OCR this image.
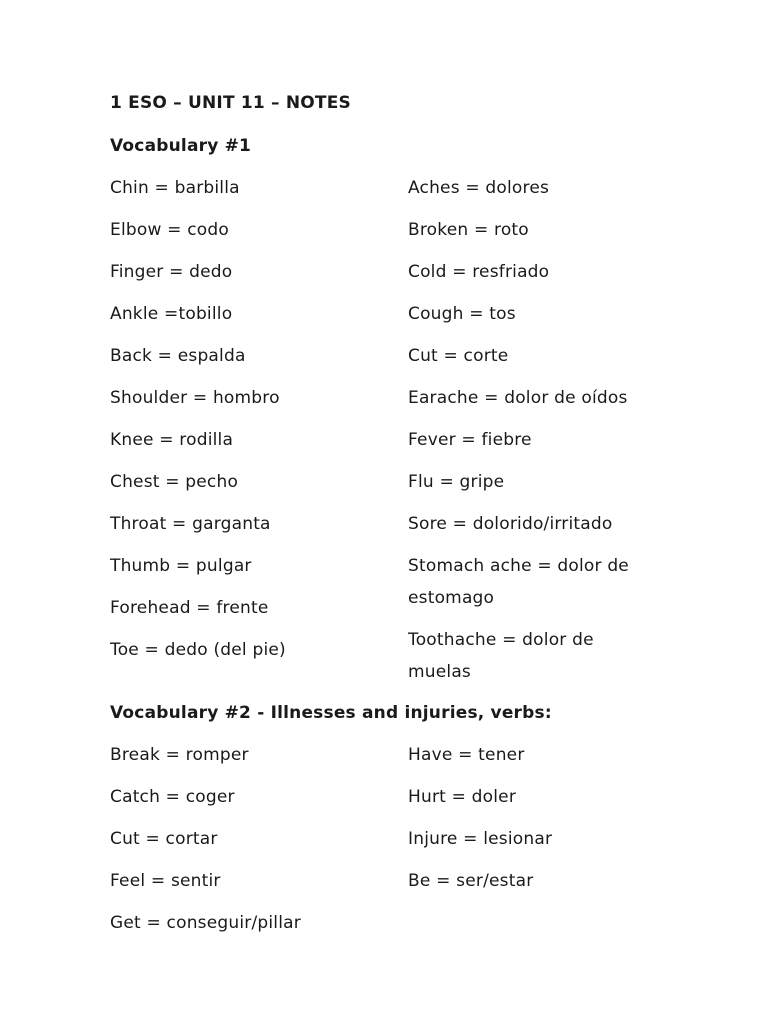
1 ESO – UNIT 11 – NOTES
Vocabulary #1
Chin = barbilla
Elbow = codo
Finger = dedo
Ankle =tobillo
Back = espalda
Shoulder = hombro
Knee = rodilla
Chest = pecho
Throat = garganta
Thumb = pulgar
Forehead = frente
Toe = dedo (del pie)
Aches = dolores
Broken = roto
Cold = resfriado
Cough = tos
Cut = corte
Earache = dolor de oídos
Fever = fiebre
Flu = gripe
Sore = dolorido/irritado
Stomach ache = dolor de
estomago
Toothache = dolor de
muelas
Vocabulary #2 - Illnesses and injuries, verbs:
Break = romper
Catch = coger
Cut = cortar
Feel = sentir
Get = conseguir/pillar
Have = tener
Hurt = doler
Injure = lesionar
Be = ser/estar
